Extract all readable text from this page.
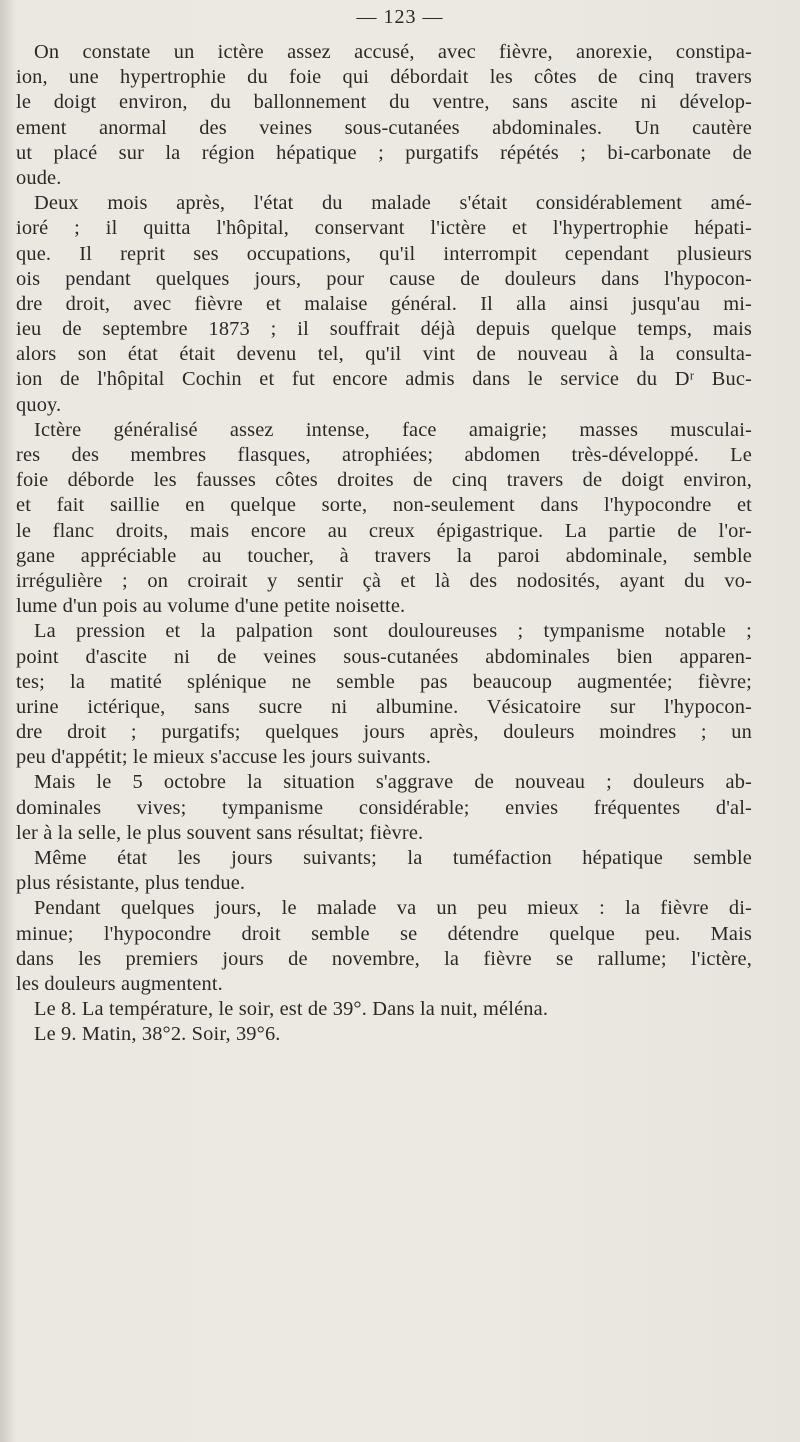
— 123 —
On constate un ictère assez accusé, avec fièvre, anorexie, constipa-
ion, une hypertrophie du foie qui débordait les côtes de cinq travers
le doigt environ, du ballonnement du ventre, sans ascite ni dévelop-
ement anormal des veines sous-cutanées abdominales. Un cautère
ut placé sur la région hépatique ; purgatifs répétés ; bi-carbonate de
oude.
Deux mois après, l'état du malade s'était considérablement amé-
ioré ; il quitta l'hôpital, conservant l'ictère et l'hypertrophie hépati-
que. Il reprit ses occupations, qu'il interrompit cependant plusieurs
ois pendant quelques jours, pour cause de douleurs dans l'hypocon-
dre droit, avec fièvre et malaise général. Il alla ainsi jusqu'au mi-
ieu de septembre 1873 ; il souffrait déjà depuis quelque temps, mais
alors son état était devenu tel, qu'il vint de nouveau à la consulta-
ion de l'hôpital Cochin et fut encore admis dans le service du Dʳ Buc-
quoy.
Ictère généralisé assez intense, face amaigrie; masses musculai-
res des membres flasques, atrophiées; abdomen très-développé. Le
foie déborde les fausses côtes droites de cinq travers de doigt environ,
et fait saillie en quelque sorte, non-seulement dans l'hypocondre et
le flanc droits, mais encore au creux épigastrique. La partie de l'or-
gane appréciable au toucher, à travers la paroi abdominale, semble
irrégulière ; on croirait y sentir çà et là des nodosités, ayant du vo-
lume d'un pois au volume d'une petite noisette.
La pression et la palpation sont douloureuses ; tympanisme notable ;
point d'ascite ni de veines sous-cutanées abdominales bien apparen-
tes; la matité splénique ne semble pas beaucoup augmentée; fièvre;
urine ictérique, sans sucre ni albumine. Vésicatoire sur l'hypocon-
dre droit ; purgatifs; quelques jours après, douleurs moindres ; un
peu d'appétit; le mieux s'accuse les jours suivants.
Mais le 5 octobre la situation s'aggrave de nouveau ; douleurs ab-
dominales vives; tympanisme considérable; envies fréquentes d'al-
ler à la selle, le plus souvent sans résultat; fièvre.
Même état les jours suivants; la tuméfaction hépatique semble
plus résistante, plus tendue.
Pendant quelques jours, le malade va un peu mieux : la fièvre di-
minue; l'hypocondre droit semble se détendre quelque peu. Mais
dans les premiers jours de novembre, la fièvre se rallume; l'ictère,
les douleurs augmentent.
Le 8. La température, le soir, est de 39°. Dans la nuit, méléna.
Le 9. Matin, 38°2. Soir, 39°6.
